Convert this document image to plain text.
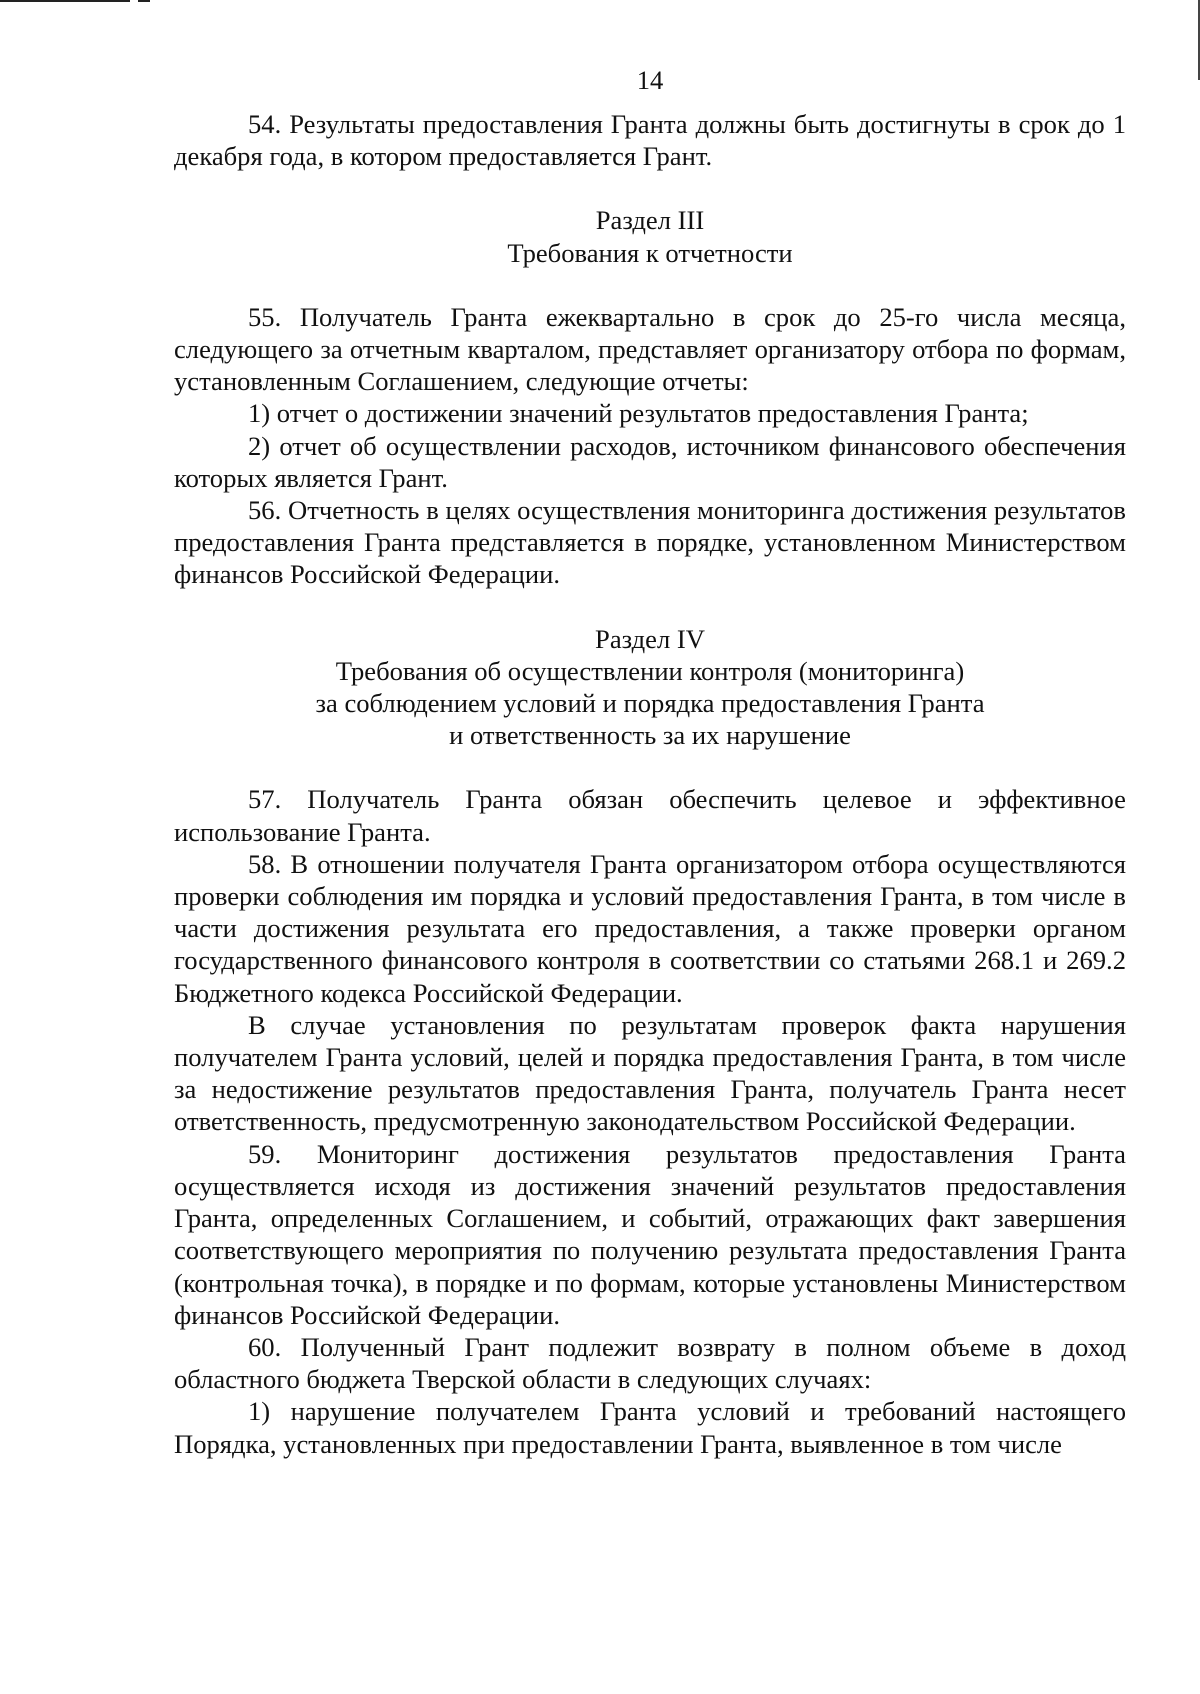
14

54. Результаты предоставления Гранта должны быть достигнуты в срок до 1 декабря года, в котором предоставляется Грант.

Раздел III

Требования к отчетности

55. Получатель Гранта ежеквартально в срок до 25-го числа месяца, следующего за отчетным кварталом, представляет организатору отбора по формам, установленным Соглашением, следующие отчеты:

1) отчет о достижении значений результатов предоставления Гранта;

2) отчет об осуществлении расходов, источником финансового обеспечения которых является Грант.

56. Отчетность в целях осуществления мониторинга достижения результатов предоставления Гранта представляется в порядке, установленном Министерством финансов Российской Федерации.

Раздел IV

Требования об осуществлении контроля (мониторинга)

за соблюдением условий и порядка предоставления Гранта

и ответственность за их нарушение

57. Получатель Гранта обязан обеспечить целевое и эффективное использование Гранта.

58. В отношении получателя Гранта организатором отбора осуществляются проверки соблюдения им порядка и условий предоставления Гранта, в том числе в части достижения результата его предоставления, а также проверки органом государственного финансового контроля в соответствии со статьями 268.1 и 269.2 Бюджетного кодекса Российской Федерации.

В случае установления по результатам проверок факта нарушения получателем Гранта условий, целей и порядка предоставления Гранта, в том числе за недостижение результатов предоставления Гранта, получатель Гранта несет ответственность, предусмотренную законодательством Российской Федерации.

59. Мониторинг достижения результатов предоставления Гранта осуществляется исходя из достижения значений результатов предоставления Гранта, определенных Соглашением, и событий, отражающих факт завершения соответствующего мероприятия по получению результата предоставления Гранта (контрольная точка), в порядке и по формам, которые установлены Министерством финансов Российской Федерации.

60. Полученный Грант подлежит возврату в полном объеме в доход областного бюджета Тверской области в следующих случаях:

1) нарушение получателем Гранта условий и требований настоящего Порядка, установленных при предоставлении Гранта, выявленное в том числе
